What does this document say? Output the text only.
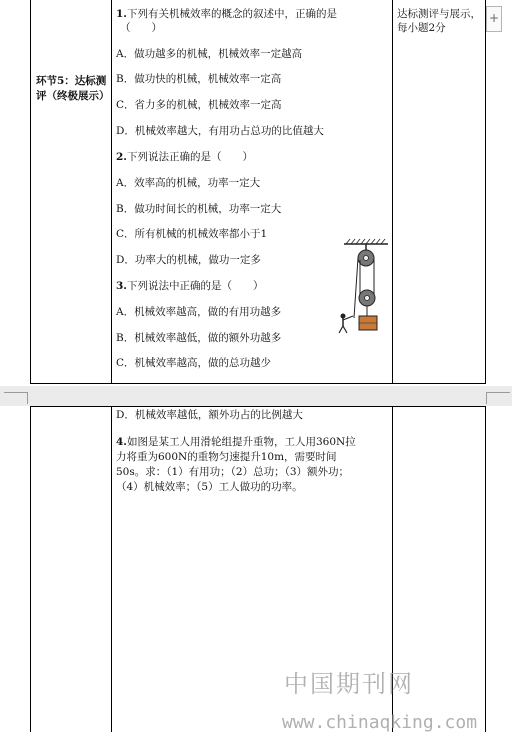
+
环节5：达标测评（终极展示）
达标测评与展示，每小题2分
1.下列有关机械效率的概念的叙述中，正确的是
（　　）
A．做功越多的机械，机械效率一定越高
B．做功快的机械，机械效率一定高
C．省力多的机械，机械效率一定高
D．机械效率越大，有用功占总功的比值越大
2.下列说法正确的是（　　）
A．效率高的机械，功率一定大
B．做功时间长的机械，功率一定大
C．所有机械的机械效率都小于1
D．功率大的机械，做功一定多
3.下列说法中正确的是（　　）
A．机械效率越高，做的有用功越多
B．机械效率越低，做的额外功越多
C．机械效率越高，做的总功越少
D．机械效率越低，额外功占的比例越大
4.如图是某工人用滑轮组提升重物，工人用360N拉
力将重为600N的重物匀速提升10m，需要时间
50s。求：（1）有用功；（2）总功；（3）额外功；
（4）机械效率；（5）工人做功的功率。
中国期刊网
www.chinaqking.com
